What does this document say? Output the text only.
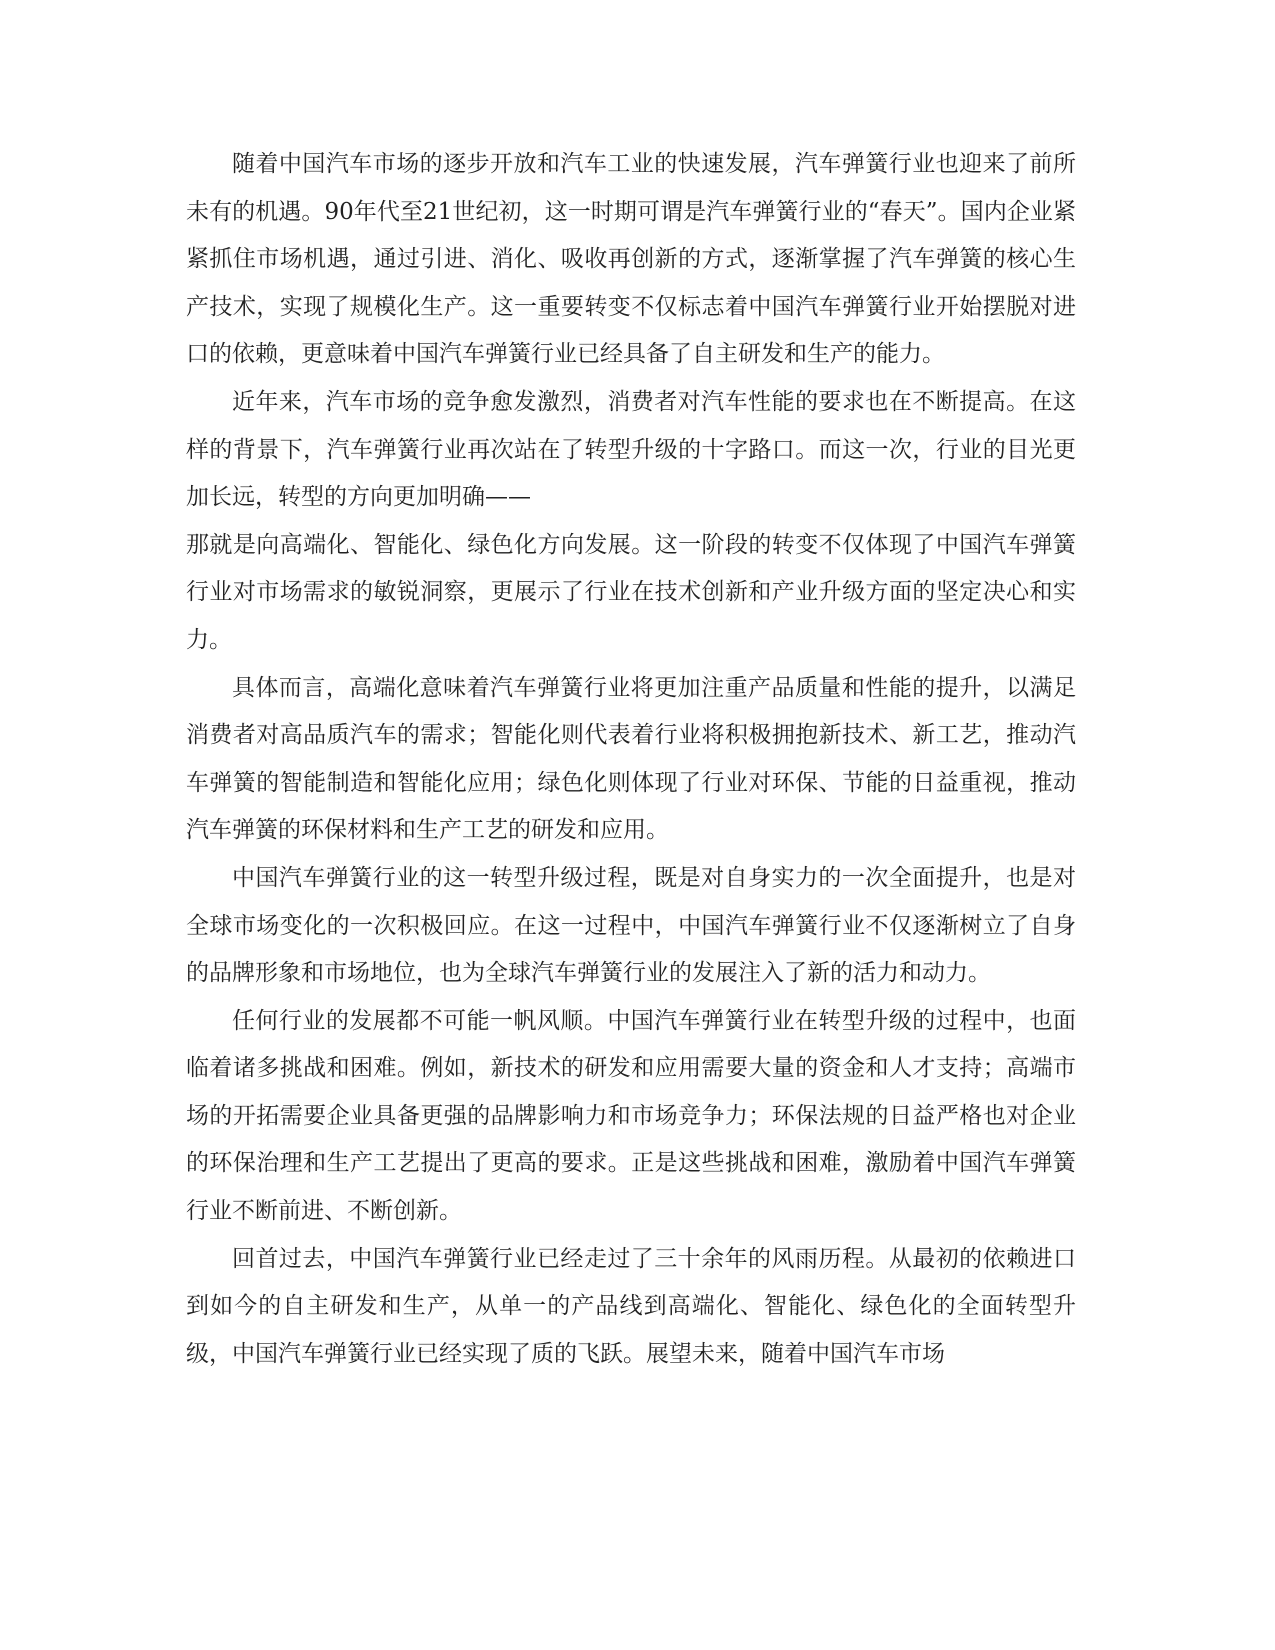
随着中国汽车市场的逐步开放和汽车工业的快速发展，汽车弹簧行业也迎来了前所未有的机遇。90年代至21世纪初，这一时期可谓是汽车弹簧行业的“春天”。国内企业紧紧抓住市场机遇，通过引进、消化、吸收再创新的方式，逐渐掌握了汽车弹簧的核心生产技术，实现了规模化生产。这一重要转变不仅标志着中国汽车弹簧行业开始摆脱对进口的依赖，更意味着中国汽车弹簧行业已经具备了自主研发和生产的能力。

近年来，汽车市场的竞争愈发激烈，消费者对汽车性能的要求也在不断提高。在这样的背景下，汽车弹簧行业再次站在了转型升级的十字路口。而这一次，行业的目光更加长远，转型的方向更加明确——

那就是向高端化、智能化、绿色化方向发展。这一阶段的转变不仅体现了中国汽车弹簧行业对市场需求的敏锐洞察，更展示了行业在技术创新和产业升级方面的坚定决心和实力。

具体而言，高端化意味着汽车弹簧行业将更加注重产品质量和性能的提升，以满足消费者对高品质汽车的需求；智能化则代表着行业将积极拥抱新技术、新工艺，推动汽车弹簧的智能制造和智能化应用；绿色化则体现了行业对环保、节能的日益重视，推动汽车弹簧的环保材料和生产工艺的研发和应用。

中国汽车弹簧行业的这一转型升级过程，既是对自身实力的一次全面提升，也是对全球市场变化的一次积极回应。在这一过程中，中国汽车弹簧行业不仅逐渐树立了自身的品牌形象和市场地位，也为全球汽车弹簧行业的发展注入了新的活力和动力。

任何行业的发展都不可能一帆风顺。中国汽车弹簧行业在转型升级的过程中，也面临着诸多挑战和困难。例如，新技术的研发和应用需要大量的资金和人才支持；高端市场的开拓需要企业具备更强的品牌影响力和市场竞争力；环保法规的日益严格也对企业的环保治理和生产工艺提出了更高的要求。正是这些挑战和困难，激励着中国汽车弹簧行业不断前进、不断创新。

回首过去，中国汽车弹簧行业已经走过了三十余年的风雨历程。从最初的依赖进口到如今的自主研发和生产，从单一的产品线到高端化、智能化、绿色化的全面转型升级，中国汽车弹簧行业已经实现了质的飞跃。展望未来，随着中国汽车市场
